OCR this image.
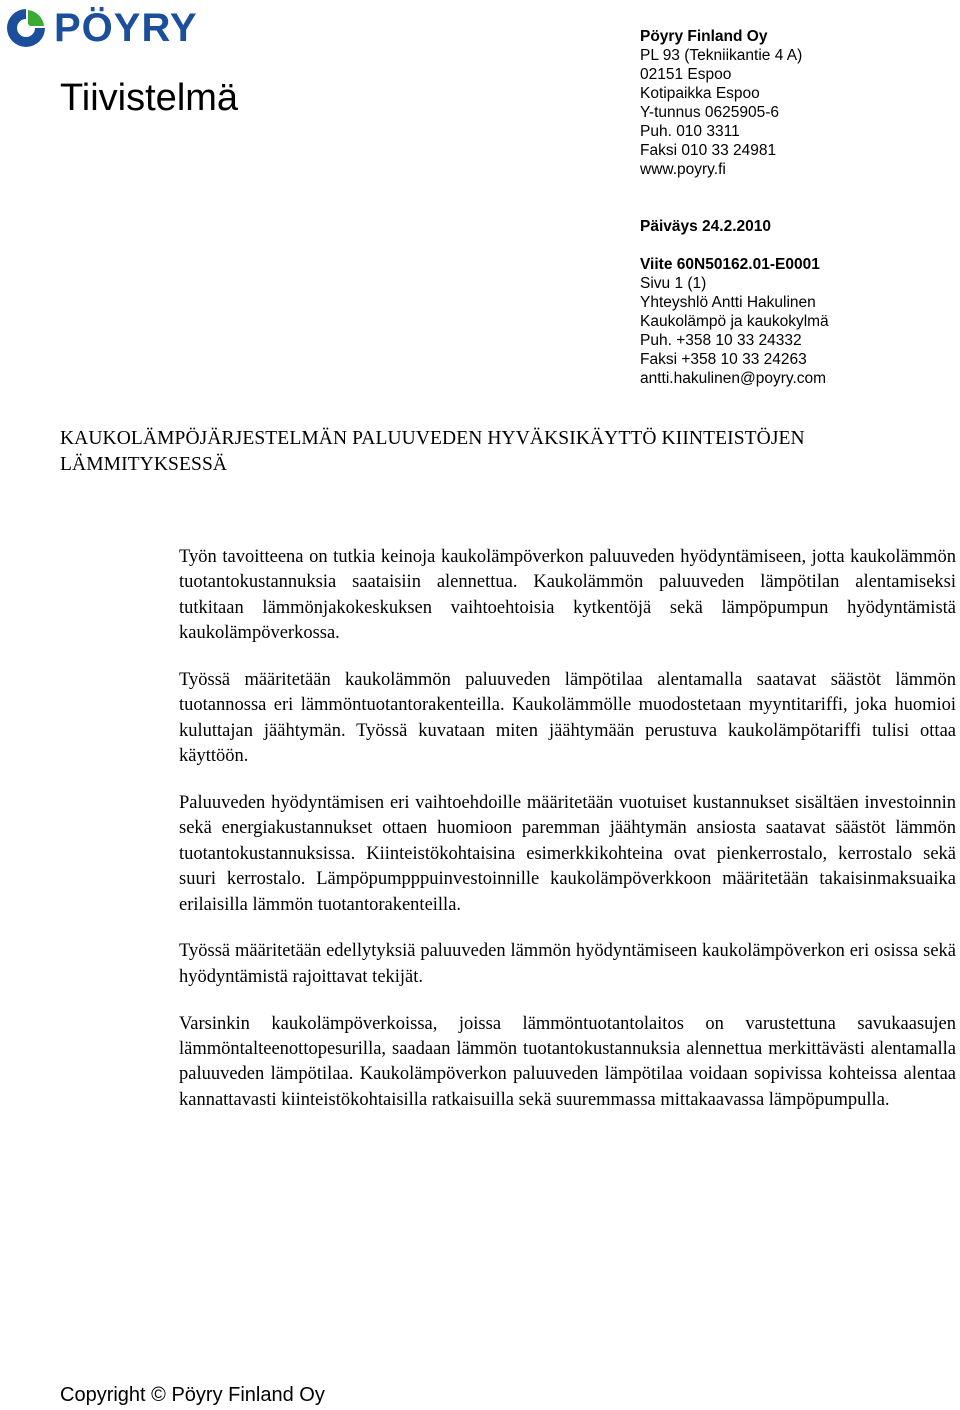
PÖYRY
Tiivistelmä
Pöyry Finland Oy
PL 93 (Tekniikantie 4 A)
02151 Espoo
Kotipaikka Espoo
Y-tunnus 0625905-6
Puh. 010 3311
Faksi 010 33 24981
www.poyry.fi
Päiväys 24.2.2010
Viite 60N50162.01-E0001
Sivu 1 (1)
Yhteyshlö Antti Hakulinen
Kaukolämpö ja kaukokylmä
Puh. +358 10 33 24332
Faksi +358 10 33 24263
antti.hakulinen@poyry.com
KAUKOLÄMPÖJÄRJESTELMÄN PALUUVEDEN HYVÄKSIKÄYTTÖ KIINTEISTÖJEN LÄMMITYKSESSÄ

Työn tavoitteena on tutkia keinoja kaukolämpöverkon paluuveden hyödyntämiseen, jotta kaukolämmön tuotantokustannuksia saataisiin alennettua. Kaukolämmön paluuveden lämpötilan alentamiseksi tutkitaan lämmönjakokeskuksen vaihtoehtoisia kytkentöjä sekä lämpöpumpun hyödyntämistä kaukolämpöverkossa.

Työssä määritetään kaukolämmön paluuveden lämpötilaa alentamalla saatavat säästöt lämmön tuotannossa eri lämmöntuotantorakenteilla. Kaukolämmölle muodostetaan myyntitariffi, joka huomioi kuluttajan jäähtymän. Työssä kuvataan miten jäähtymään perustuva kaukolämpötariffi tulisi ottaa käyttöön.

Paluuveden hyödyntämisen eri vaihtoehdoille määritetään vuotuiset kustannukset sisältäen investoinnin sekä energiakustannukset ottaen huomioon paremman jäähtymän ansiosta saatavat säästöt lämmön tuotantokustannuksissa. Kiinteistökohtaisina esimerkkikohteina ovat pienkerrostalo, kerrostalo sekä suuri kerrostalo. Lämpöpumpppuinvestoinnille kaukolämpöverkkoon määritetään takaisinmaksuaika erilaisilla lämmön tuotantorakenteilla.

Työssä määritetään edellytyksiä paluuveden lämmön hyödyntämiseen kaukolämpöverkon eri osissa sekä hyödyntämistä rajoittavat tekijät.

Varsinkin kaukolämpöverkoissa, joissa lämmöntuotantolaitos on varustettuna savukaasujen lämmöntalteenottopesurilla, saadaan lämmön tuotantokustannuksia alennettua merkittävästi alentamalla paluuveden lämpötilaa. Kaukolämpöverkon paluuveden lämpötilaa voidaan sopivissa kohteissa alentaa kannattavasti kiinteistökohtaisilla ratkaisuilla sekä suuremmassa mittakaavassa lämpöpumpulla.

Copyright © Pöyry Finland Oy
